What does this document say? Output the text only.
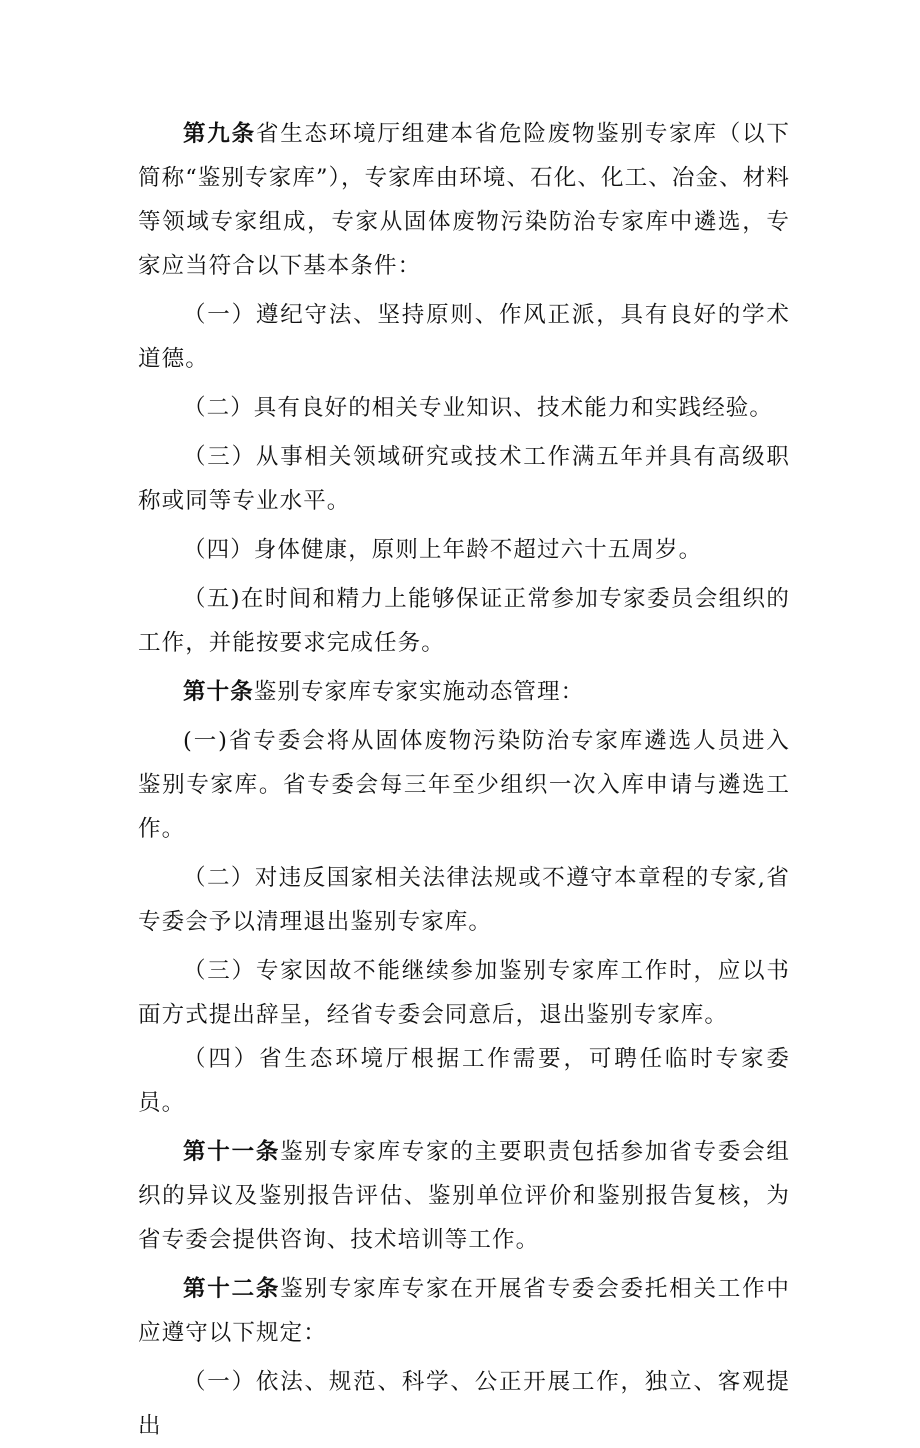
第九条省生态环境厅组建本省危险废物鉴别专家库（以下简称“鉴别专家库”），专家库由环境、石化、化工、冶金、材料等领域专家组成，专家从固体废物污染防治专家库中遴选，专家应当符合以下基本条件：

（一）遵纪守法、坚持原则、作风正派，具有良好的学术道德。

（二）具有良好的相关专业知识、技术能力和实践经验。

（三）从事相关领域研究或技术工作满五年并具有高级职称或同等专业水平。

（四）身体健康，原则上年龄不超过六十五周岁。

（五)在时间和精力上能够保证正常参加专家委员会组织的工作，并能按要求完成任务。

第十条鉴别专家库专家实施动态管理：

(一)省专委会将从固体废物污染防治专家库遴选人员进入鉴别专家库。省专委会每三年至少组织一次入库申请与遴选工作。

（二）对违反国家相关法律法规或不遵守本章程的专家,省专委会予以清理退出鉴别专家库。

（三）专家因故不能继续参加鉴别专家库工作时，应以书面方式提出辞呈，经省专委会同意后，退出鉴别专家库。

（四）省生态环境厅根据工作需要，可聘任临时专家委员。

第十一条鉴别专家库专家的主要职责包括参加省专委会组织的异议及鉴别报告评估、鉴别单位评价和鉴别报告复核，为省专委会提供咨询、技术培训等工作。

第十二条鉴别专家库专家在开展省专委会委托相关工作中应遵守以下规定：

（一）依法、规范、科学、公正开展工作，独立、客观提出
